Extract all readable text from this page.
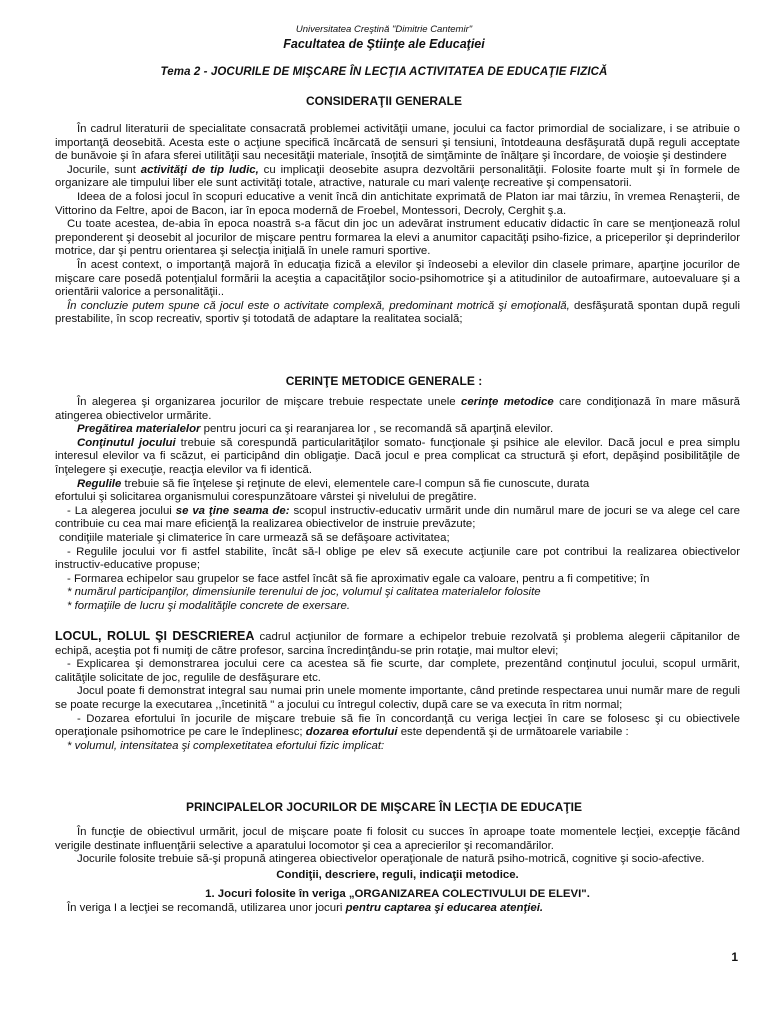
Universitatea Creştină "Dimitrie Cantemir"
Facultatea de Ştiinţe ale Educaţiei
Tema 2 - JOCURILE DE MIŞCARE ÎN LECŢIA ACTIVITATEA DE EDUCAŢIE FIZICĂ
CONSIDERAŢII GENERALE

În cadrul literaturii de specialitate consacrată problemei activităţii umane, jocului ca factor primordial de socializare, i se atribuie o importanţă deosebită. Acesta este o acţiune specifică încărcată de sensuri şi tensiuni, întotdeauna desfăşurată după reguli acceptate de bunăvoie şi în afara sferei utilităţii sau necesităţii materiale, însoţită de simţăminte de înălţare şi încordare, de voioşie şi destindere

Jocurile, sunt activităţi de tip ludic, cu implicaţii deosebite asupra dezvoltării personalităţii. Folosite foarte mult şi în formele de organizare ale timpului liber ele sunt activităţi totale, atractive, naturale cu mari valenţe recreative şi compensatorii.

Ideea de a folosi jocul în scopuri educative a venit încă din antichitate exprimată de Platon iar mai târziu, în vremea Renaşterii, de Vittorino da Feltre, apoi de Bacon, iar în epoca modernă de Froebel, Montessori, Decroly, Cerghit ş.a.

Cu toate acestea, de-abia în epoca noastră s-a făcut din joc un adevărat instrument educativ didactic în care se menţionează rolul preponderent şi deosebit al jocurilor de mişcare pentru formarea la elevi a anumitor capacităţi psiho-fizice, a priceperilor şi deprinderilor motrice, dar şi pentru orientarea şi selecţia iniţială în unele ramuri sportive.

În acest context, o importanţă majoră în educaţia fizică a elevilor şi îndeosebi a elevilor din clasele primare, aparţine jocurilor de mişcare care posedă potenţialul formării la aceştia a capacităţilor socio-psihomotrice şi a atitudinilor de autoafirmare, autoevaluare şi a orientării valorice a personalităţii..

În concluzie putem spune că jocul este o activitate complexă, predominant motrică şi emoţională, desfăşurată spontan după reguli prestabilite, în scop recreativ, sportiv şi totodată de adaptare la realitatea socială;

CERINŢE METODICE GENERALE :

În alegerea şi organizarea jocurilor de mişcare trebuie respectate unele cerinţe metodice care condiţionază în mare măsură atingerea obiectivelor urmărite.

Pregătirea materialelor pentru jocuri ca şi rearanjarea lor , se recomandă să aparţină elevilor.

Conţinutul jocului trebuie să corespundă particularităţilor somato- funcţionale şi psihice ale elevilor. Dacă jocul e prea simplu interesul elevilor va fi scăzut, ei participând din obligaţie. Dacă jocul e prea complicat ca structură şi efort, depăşind posibilităţile de înţelegere şi execuţie, reacţia elevilor va fi identică.

Regulile trebuie să fie înţelese şi reţinute de elevi, elementele care-l compun să fie cunoscute, durata

efortului şi solicitarea organismului corespunzătoare vârstei şi nivelului de pregătire.

- La alegerea jocului se va ţine seama de: scopul instructiv-educativ urmărit unde din numărul mare de jocuri se va alege cel care contribuie cu cea mai mare eficienţă la realizarea obiectivelor de instruie prevăzute;

condiţiile materiale şi climaterice în care urmează să se defăşoare activitatea;

- Regulile jocului vor fi astfel stabilite, încât să-l oblige pe elev să execute acţiunile care pot contribui la realizarea obiectivelor instructiv-educative propuse;

- Formarea echipelor sau grupelor se face astfel încât să fie aproximativ egale ca valoare, pentru a fi competitive; în

* numărul participanţilor, dimensiunile terenului de joc, volumul şi calitatea materialelor folosite

* formaţiile de lucru şi modalităţile concrete de exersare.

LOCUL, ROLUL ŞI DESCRIEREA cadrul acţiunilor de formare a echipelor trebuie rezolvată şi problema alegerii căpitanilor de echipă, aceştia pot fi numiţi de către profesor, sarcina încredinţându-se prin rotaţie, mai multor elevi;

- Explicarea şi demonstrarea jocului cere ca acestea să fie scurte, dar complete, prezentând conţinutul jocului, scopul urmărit, calităţile solicitate de joc, regulile de desfăşurare etc.

Jocul poate fi demonstrat integral sau numai prin unele momente importante, când pretinde respectarea unui număr mare de reguli se poate recurge la executarea ,,încetinită " a jocului cu întregul colectiv, după care se va executa în ritm normal;

- Dozarea efortului în jocurile de mişcare trebuie să fie în concordanţă cu veriga lecţiei în care se folosesc şi cu obiectivele operaţionale psihomotrice pe care le îndeplinesc; dozarea efortului este dependentă şi de următoarele variabile :

* volumul, intensitatea şi complexetitatea efortului fizic implicat:

PRINCIPALELOR JOCURILOR DE MIŞCARE ÎN LECŢIA DE EDUCAŢIE

În funcţie de obiectivul urmărit, jocul de mişcare poate fi folosit cu succes în aproape toate momentele lecţiei, excepţie făcând verigile destinate influenţării selective a aparatului locomotor şi cea a aprecierilor şi recomandărilor.

Jocurile folosite trebuie să-şi propună atingerea obiectivelor operaţionale de natură psiho-motrică, cognitive şi socio-afective.

Condiţii, descriere, reguli, indicaţii metodice.

1. Jocuri folosite în veriga „ORGANIZAREA COLECTIVULUI DE ELEVI".

În veriga I a lecţiei se recomandă, utilizarea unor jocuri pentru captarea şi educarea atenţiei.

1
